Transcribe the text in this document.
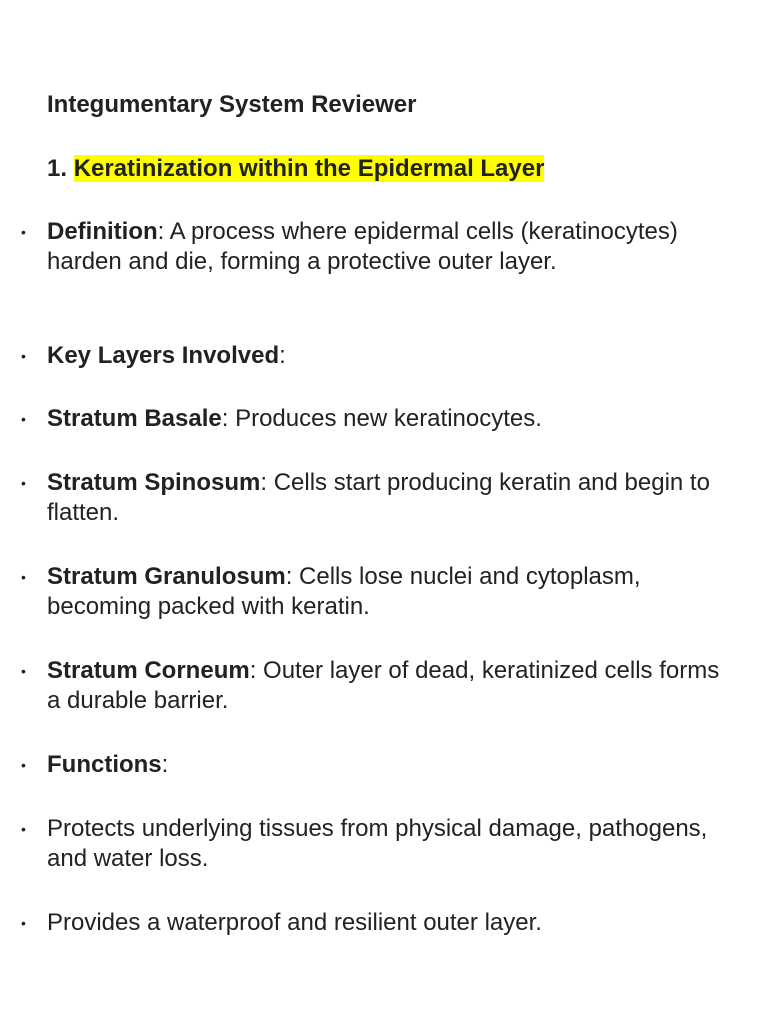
Integumentary System Reviewer
1. Keratinization within the Epidermal Layer
• Definition: A process where epidermal cells (keratinocytes) harden and die, forming a protective outer layer.
• Key Layers Involved:
• Stratum Basale: Produces new keratinocytes.
• Stratum Spinosum: Cells start producing keratin and begin to flatten.
• Stratum Granulosum: Cells lose nuclei and cytoplasm, becoming packed with keratin.
• Stratum Corneum: Outer layer of dead, keratinized cells forms a durable barrier.
• Functions:
• Protects underlying tissues from physical damage, pathogens, and water loss.
• Provides a waterproof and resilient outer layer.
